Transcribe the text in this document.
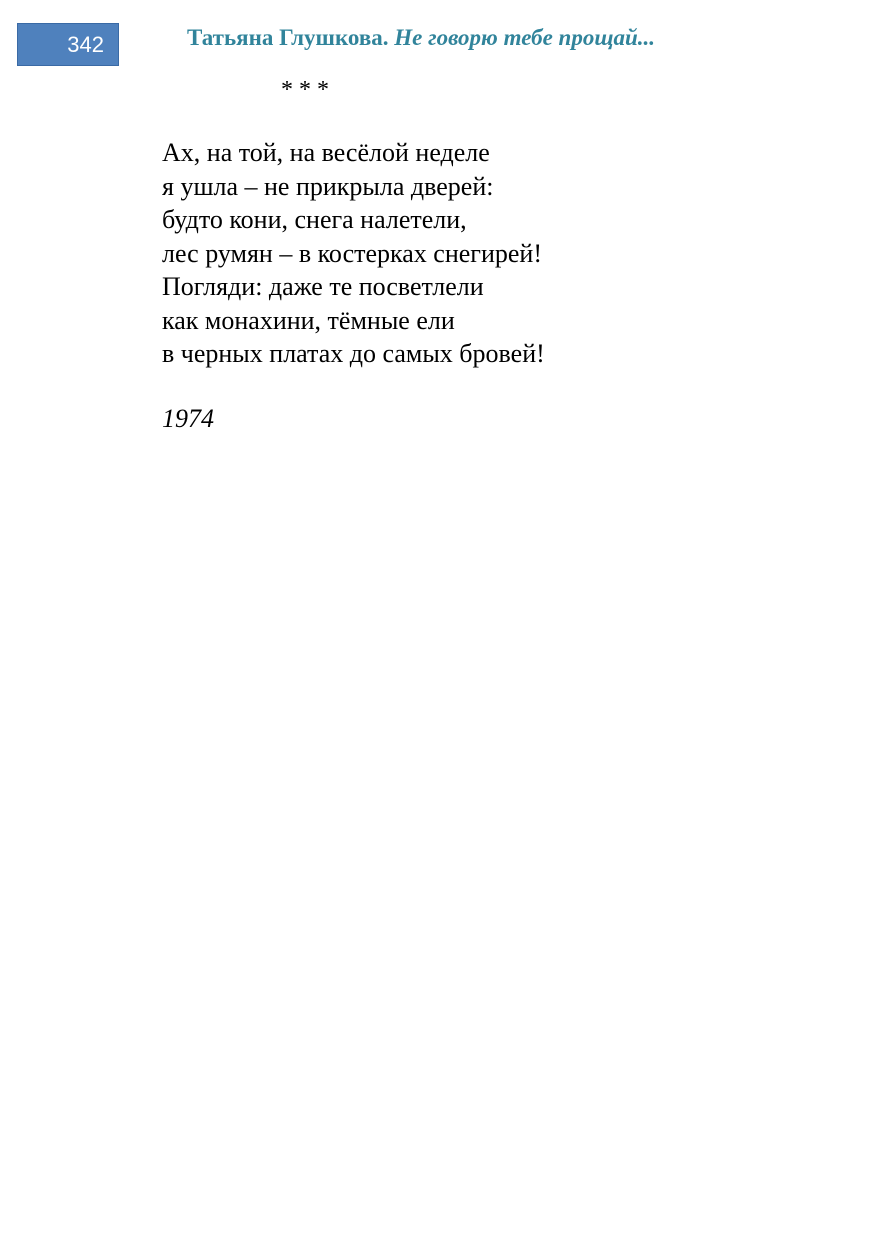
342	Татьяна Глушкова. Не говорю тебе прощай...
* * *
Ах, на той, на весёлой неделе
я ушла – не прикрыла дверей:
будто кони, снега налетели,
лес румян – в костерках снегирей!
Погляди: даже те посветлели
как монахини, тёмные ели
в черных платах до самых бровей!
1974
